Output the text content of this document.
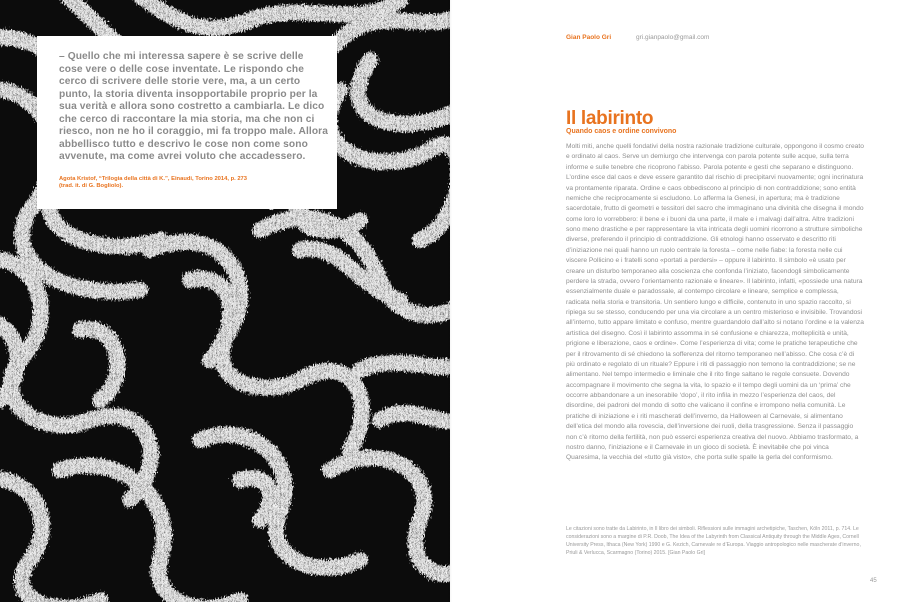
– Quello che mi interessa sapere è se scrive delle cose vere o delle cose inventate. Le rispondo che cerco di scrivere delle storie vere, ma, a un certo punto, la storia diventa insopportabile proprio per la sua verità e allora sono costretto a cambiarla. Le dico che cerco di raccontare la mia storia, ma che non ci riesco, non ne ho il coraggio, mi fa troppo male. Allora abbellisco tutto e descrivo le cose non come sono avvenute, ma come avrei voluto che accadessero.

Agota Kristof, “Trilogia della città di K.”, Einaudi, Torino 2014, p. 273
(trad. it. di G. Bogliolo).

Gian Paolo Gri	gri.gianpaolo@gmail.com
Il labirinto
Quando caos e ordine convivono

Molti miti, anche quelli fondativi della nostra razionale tradizione culturale, oppongono il cosmo creato e ordinato al caos. Serve un demiurgo che intervenga con parola potente sulle acque, sulla terra informe e sulle tenebre che ricoprono l’abisso. Parola potente e gesti che separano e distinguono. L’ordine esce dal caos e deve essere garantito dal rischio di precipitarvi nuovamente; ogni incrinatura va prontamente riparata. Ordine e caos obbediscono al principio di non contraddizione; sono entità nemiche che reciprocamente si escludono. Lo afferma la Genesi, in apertura; ma è tradizione sacerdotale, frutto di geometri e tessitori del sacro che immaginano una divinità che disegna il mondo come loro lo vorrebbero: il bene e i buoni da una parte, il male e i malvagi dall’altra. Altre tradizioni sono meno drastiche e per rappresentare la vita intricata degli uomini ricorrono a strutture simboliche diverse, preferendo il principio di contraddizione. Gli etnologi hanno osservato e descritto riti d’iniziazione nei quali hanno un ruolo centrale la foresta – come nelle fiabe: la foresta nelle cui viscere Pollicino e i fratelli sono «portati a perdersi» – oppure il labirinto. Il simbolo «è usato per creare un disturbo temporaneo alla coscienza che confonda l’iniziato, facendogli simbolicamente perdere la strada, ovvero l’orientamento razionale e lineare». Il labirinto, infatti, «possiede una natura essenzialmente duale e paradossale, al contempo circolare e lineare, semplice e complessa, radicata nella storia e transitoria. Un sentiero lungo e difficile, contenuto in uno spazio raccolto, si ripiega su se stesso, conducendo per una via circolare a un centro misterioso e invisibile. Trovandosi all’interno, tutto appare limitato e confuso, mentre guardandolo dall’alto si notano l’ordine e la valenza artistica del disegno. Così il labirinto assomma in sé confusione e chiarezza, molteplicità e unità, prigione e liberazione, caos e ordine». Come l’esperienza di vita; come le pratiche terapeutiche che per il ritrovamento di sé chiedono la sofferenza del ritorno temporaneo nell’abisso. Che cosa c’è di più ordinato e regolato di un rituale? Eppure i riti di passaggio non temono la contraddizione; se ne alimentano. Nel tempo intermedio e liminale che il rito finge saltano le regole consuete. Dovendo accompagnare il movimento che segna la vita, lo spazio e il tempo degli uomini da un ‘prima’ che occorre abbandonare a un inesorabile ‘dopo’, il rito infila in mezzo l’esperienza del caos, del disordine, dei padroni del mondo di sotto che valicano il confine e irrompono nella comunità. Le pratiche di iniziazione e i riti mascherati dell’inverno, da Halloween al Carnevale, si alimentano dell’etica del mondo alla rovescia, dell’inversione dei ruoli, della trasgressione. Senza il passaggio non c’è ritorno della fertilità, non può esserci esperienza creativa del nuovo. Abbiamo trasformato, a nostro danno, l’iniziazione e il Carnevale in un gioco di società. È inevitabile che poi vinca Quaresima, la vecchia del «tutto già visto», che porta sulle spalle la gerla del conformismo.

Le citazioni sono tratte da Labirinto, in Il libro dei simboli. Riflessioni sulle immagini archetipiche, Taschen, Köln 2011, p. 714. Le considerazioni sono a margine di P.R. Doob, The Idea of the Labyrinth from Classical Antiquity through the Middle Ages, Cornell University Press, Ithaca (New York) 1990 e G. Kezich, Carnevale re d’Europa. Viaggio antropologico nelle mascherate d’inverno, Priuli & Verlucca, Scarmagno (Torino) 2015. [Gian Paolo Gri]

45
